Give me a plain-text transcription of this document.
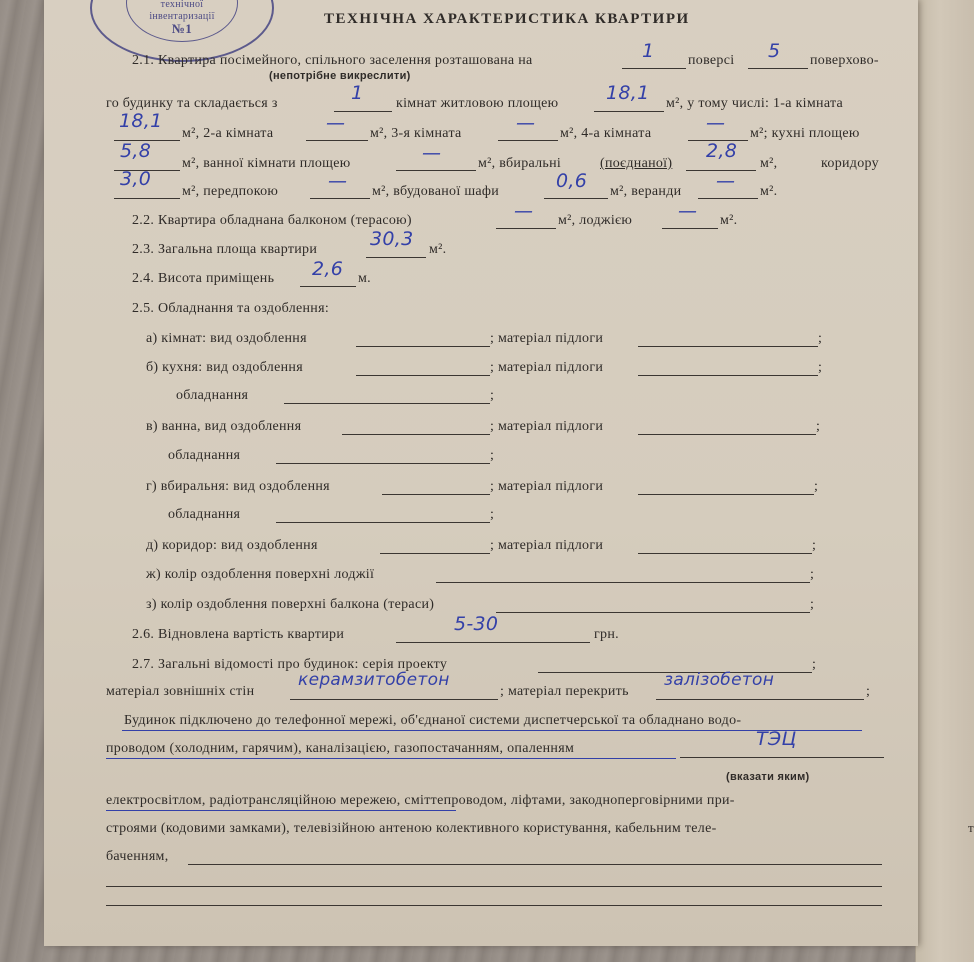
т
технічної
інвентаризації
№1
ТЕХНІЧНА ХАРАКТЕРИСТИКА КВАРТИРИ
2.1. Квартира посімейного, спільного заселення розташована на	1 поверсі 5 поверхово-
(непотрібне викреслити)
го будинку та складається з	1 кімнат житловою площею	18,1 м², у тому числі: 1-а кімната
18,1
м², 2-а кімната	— м², 3-я кімната	— м², 4-а кімната	— м²; кухні площею
5,8
м², ванної кімнати площею	—	м², вбиральні	(поєднаної)
2,8
м²,	коридору
3,0
м², передпокою	— м², вбудованої шафи	0,6 м², веранди — м².
2.2. Квартира обладнана балконом (терасою)	— м², лоджією — м².
2.3. Загальна площа квартири	30,3 м².
2.4. Висота приміщень 2,6 м.
2.5. Обладнання та оздоблення:
а) кімнат: вид оздоблення	; матеріал підлоги	;
б) кухня: вид оздоблення	; матеріал підлоги	;
обладнання	;
в) ванна, вид оздоблення	; матеріал підлоги	;
обладнання	;
г) вбиральня: вид оздоблення	; матеріал підлоги	;
обладнання	;
д) коридор: вид оздоблення	; матеріал підлоги	;
ж) колір оздоблення поверхні лоджії	;
з) колір оздоблення поверхні балкона (тераси)	;
2.6. Відновлена вартість квартири	5-30	грн.
2.7. Загальні відомості про будинок: серія проекту	;
матеріал зовнішніх стін
керамзитобетон
; матеріал перекрить
залізобетон
;
Будинок підключено до телефонної мережі, об'єднаної системи диспетчерської та обладнано водо-
проводом (холодним, гарячим), каналізацією, газопостачанням, опаленням	ТЭЦ
(вказати яким)
електросвітлом, радіотрансляційною мережею, сміттепроводом, ліфтами, закодноперговірними при-
строями (кодовими замками), телевізійною антеною колективного користування, кабельним теле-
баченням,
